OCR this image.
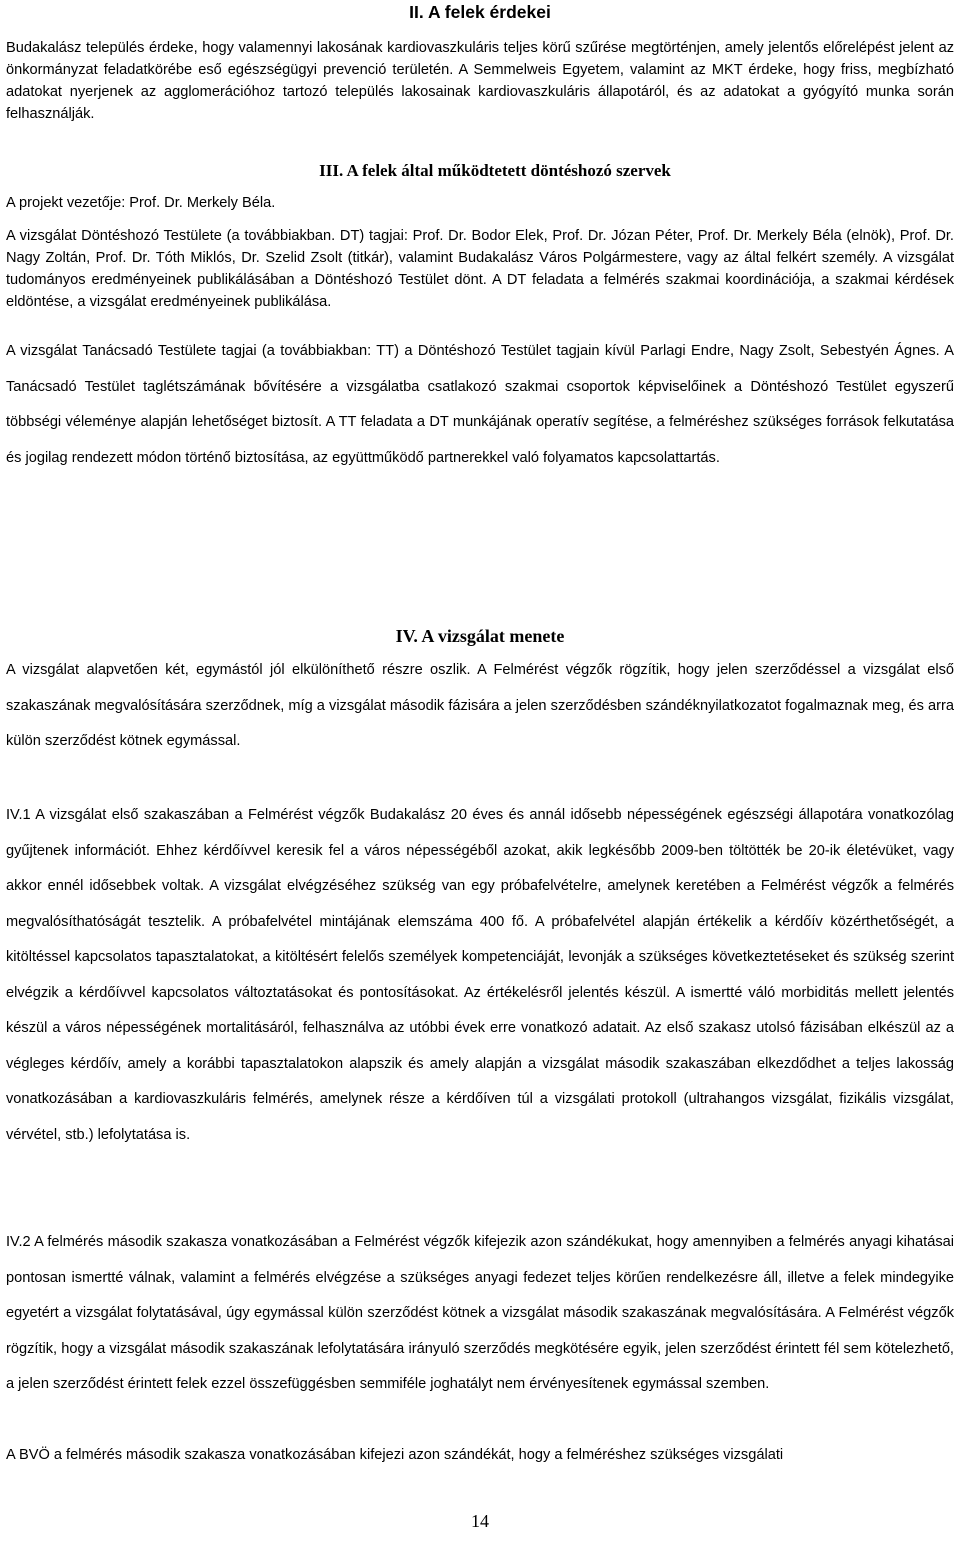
II. A felek érdekei

Budakalász település érdeke, hogy valamennyi lakosának kardiovaszkuláris teljes körű szűrése megtörténjen, amely jelentős előrelépést jelent az önkormányzat feladatkörébe eső egészségügyi prevenció területén. A Semmelweis Egyetem, valamint az MKT érdeke, hogy friss, megbízható adatokat nyerjenek az agglomerációhoz tartozó település lakosainak kardiovaszkuláris állapotáról, és az adatokat a gyógyító munka során felhasználják.

III. A felek által működtetett döntéshozó szervek

A projekt vezetője: Prof. Dr. Merkely Béla.

A vizsgálat Döntéshozó Testülete (a továbbiakban. DT) tagjai: Prof. Dr. Bodor Elek, Prof. Dr. Józan Péter, Prof. Dr. Merkely Béla (elnök), Prof. Dr. Nagy Zoltán, Prof. Dr. Tóth Miklós, Dr. Szelid Zsolt (titkár), valamint Budakalász Város Polgármestere, vagy az által felkért személy. A vizsgálat tudományos eredményeinek publikálásában a Döntéshozó Testület dönt. A DT feladata a felmérés szakmai koordinációja, a szakmai kérdések eldöntése, a vizsgálat eredményeinek publikálása.

A vizsgálat Tanácsadó Testülete tagjai (a továbbiakban: TT) a Döntéshozó Testület tagjain kívül Parlagi Endre, Nagy Zsolt, Sebestyén Ágnes. A Tanácsadó Testület taglétszámának bővítésére a vizsgálatba csatlakozó szakmai csoportok képviselőinek a Döntéshozó Testület egyszerű többségi véleménye alapján lehetőséget biztosít. A TT feladata a DT munkájának operatív segítése, a felméréshez szükséges források felkutatása és jogilag rendezett módon történő biztosítása, az együttműködő partnerekkel való folyamatos kapcsolattartás.

IV. A vizsgálat menete

A vizsgálat alapvetően két, egymástól jól elkülöníthető részre oszlik. A Felmérést végzők rögzítik, hogy jelen szerződéssel a vizsgálat első szakaszának megvalósítására szerződnek, míg a vizsgálat második fázisára a jelen szerződésben szándéknyilatkozatot fogalmaznak meg, és arra külön szerződést kötnek egymással.

IV.1 A vizsgálat első szakaszában a Felmérést végzők Budakalász 20 éves és annál idősebb népességének egészségi állapotára vonatkozólag gyűjtenek információt. Ehhez kérdőívvel keresik fel a város népességéből azokat, akik legkésőbb 2009-ben töltötték be 20-ik életévüket, vagy akkor ennél idősebbek voltak. A vizsgálat elvégzéséhez szükség van egy próbafelvételre, amelynek keretében a Felmérést végzők a felmérés megvalósíthatóságát tesztelik. A próbafelvétel mintájának elemszáma 400 fő. A próbafelvétel alapján értékelik a kérdőív közérthetőségét, a kitöltéssel kapcsolatos tapasztalatokat, a kitöltésért felelős személyek kompetenciáját, levonják a szükséges következtetéseket és szükség szerint elvégzik a kérdőívvel kapcsolatos változtatásokat és pontosításokat. Az értékelésről jelentés készül. A ismertté váló morbiditás mellett jelentés készül a város népességének mortalitásáról, felhasználva az utóbbi évek erre vonatkozó adatait. Az első szakasz utolsó fázisában elkészül az a végleges kérdőív, amely a korábbi tapasztalatokon alapszik és amely alapján a vizsgálat második szakaszában elkezdődhet a teljes lakosság vonatkozásában a kardiovaszkuláris felmérés, amelynek része a kérdőíven túl a vizsgálati protokoll (ultrahangos vizsgálat, fizikális vizsgálat, vérvétel, stb.) lefolytatása is.

IV.2 A felmérés második szakasza vonatkozásában a Felmérést végzők kifejezik azon szándékukat, hogy amennyiben a felmérés anyagi kihatásai pontosan ismertté válnak, valamint a felmérés elvégzése a szükséges anyagi fedezet teljes körűen rendelkezésre áll, illetve a felek mindegyike egyetért a vizsgálat folytatásával, úgy egymással külön szerződést kötnek a vizsgálat második szakaszának megvalósítására. A Felmérést végzők rögzítik, hogy a vizsgálat második szakaszának lefolytatására irányuló szerződés megkötésére egyik, jelen szerződést érintett fél sem kötelezhető, a jelen szerződést érintett felek ezzel összefüggésben semmiféle joghatályt nem érvényesítenek egymással szemben.

A BVÖ a felmérés második szakasza vonatkozásában kifejezi azon szándékát, hogy a felméréshez szükséges vizsgálati

14
